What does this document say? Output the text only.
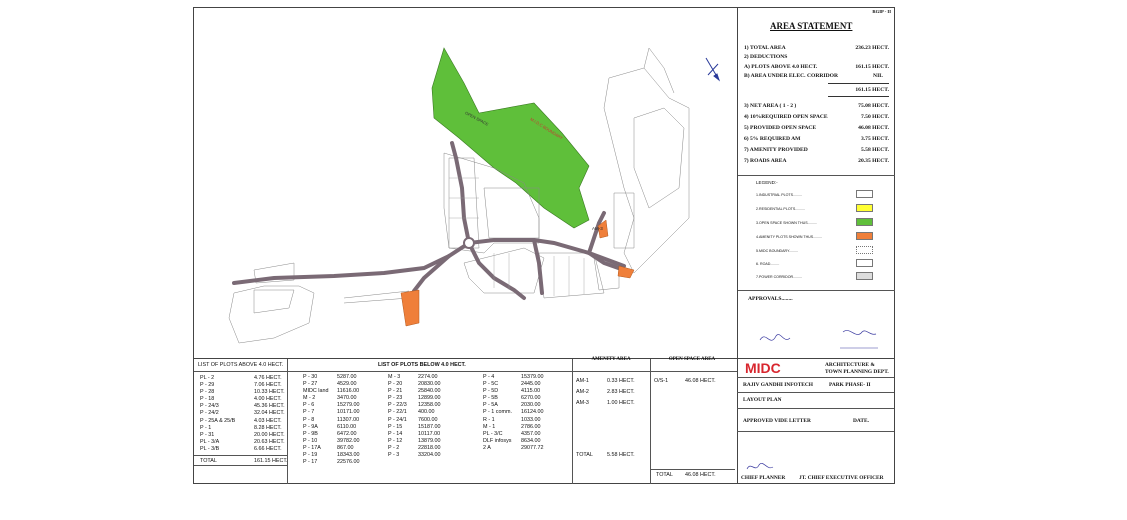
M.I.D.C BOUNDARY
OPEN SPACE
AM-3
RGIP - II
AREA STATEMENT
1) TOTAL AREA	236.23 HECT.
2) DEDUCTIONS
A) PLOTS ABOVE 4.0 HECT.	161.15 HECT.
B) AREA UNDER ELEC. CORRIDOR	NIL
161.15 HECT.
3) NET AREA ( 1 - 2 )	75.08 HECT.
4) 10%REQUIRED OPEN SPACE	7.50 HECT.
5) PROVIDED OPEN SPACE	46.08 HECT.
6) 5% REQUIRED AM	3.75 HECT.
7) AMENITY PROVIDED	5.58 HECT.
7) ROADS AREA	20.35 HECT.
LEGEND:-
1.INDUSTRIAL PLOTS.........
2.RESIDENTIAL PLOTS..........
3.OPEN SPACE SHOWN THUS.........
4.AMENITY PLOTS SHOWN THUS.........
5.MIDC BOUNDARY.........
6. ROAD.........
7.POWER CORRIDOR.........
APPROVALS........
LIST OF PLOTS ABOVE 4.0 HECT.	LIST OF PLOTS BELOW 4.0 HECT.
AMENITY AREA	OPEN SPACE AREA
PL - 2	4.76 HECT.
P - 29	7.06 HECT.
P - 28	10.33 HECT.
P - 18	4.00 HECT.
P - 24/3	45.36 HECT.
P - 24/2	32.04 HECT.
P - 25A & 25/B	4.03 HECT.
P - 1	8.28 HECT.
P - 31	20.00 HECT.
PL - 3/A	20.63 HECT.
PL - 3/B	6.66 HECT.
TOTAL	161.15 HECT.
P - 30	5287.00
P - 27	4529.00
MIDC land 11616.00
M - 2	3470.00
P - 6	15279.00
P - 7	10171.00
P - 8	11307.00
P - 9A	6110.00
P - 9B	6472.00
P - 10	39782.00
P - 17A	867.00
P - 19	18343.00
P - 17	22576.00
M - 3	2274.00
P - 20	20830.00
P - 21	25840.00
P - 23	12899.00
P - 22/3 12358.00
P - 22/1 400.00
P - 24/1 7600.00
P - 15	15187.00
P - 14	10117.00
P - 12	13879.00
P - 2	22818.00
P - 3	33204.00
P - 4	15379.00
P - 5C	2445.00
P - 5D	4115.00
P - 5B	6270.00
P - 5A	2030.00
P - 1 comm. 16124.00
R - 1	1033.00
M - 1	2786.00
PL - 3/C	4357.00
DLF infosys 8634.00
2 A	29077.72
AM-1	0.33 HECT.
AM-2	2.83 HECT.
AM-3	1.00 HECT.
TOTAL	5.58 HECT.
O/S-1	46.08 HECT.
TOTAL 46.08 HECT.
MIDC	ARCHITECTURE &
TOWN PLANNING DEPT.
RAJIV GANDHI INFOTECH	PARK PHASE- II
LAYOUT PLAN
APPROVED VIDE LETTER	DATE.
CHIEF PLANNER	JT. CHIEF EXECUTIVE OFFICER
